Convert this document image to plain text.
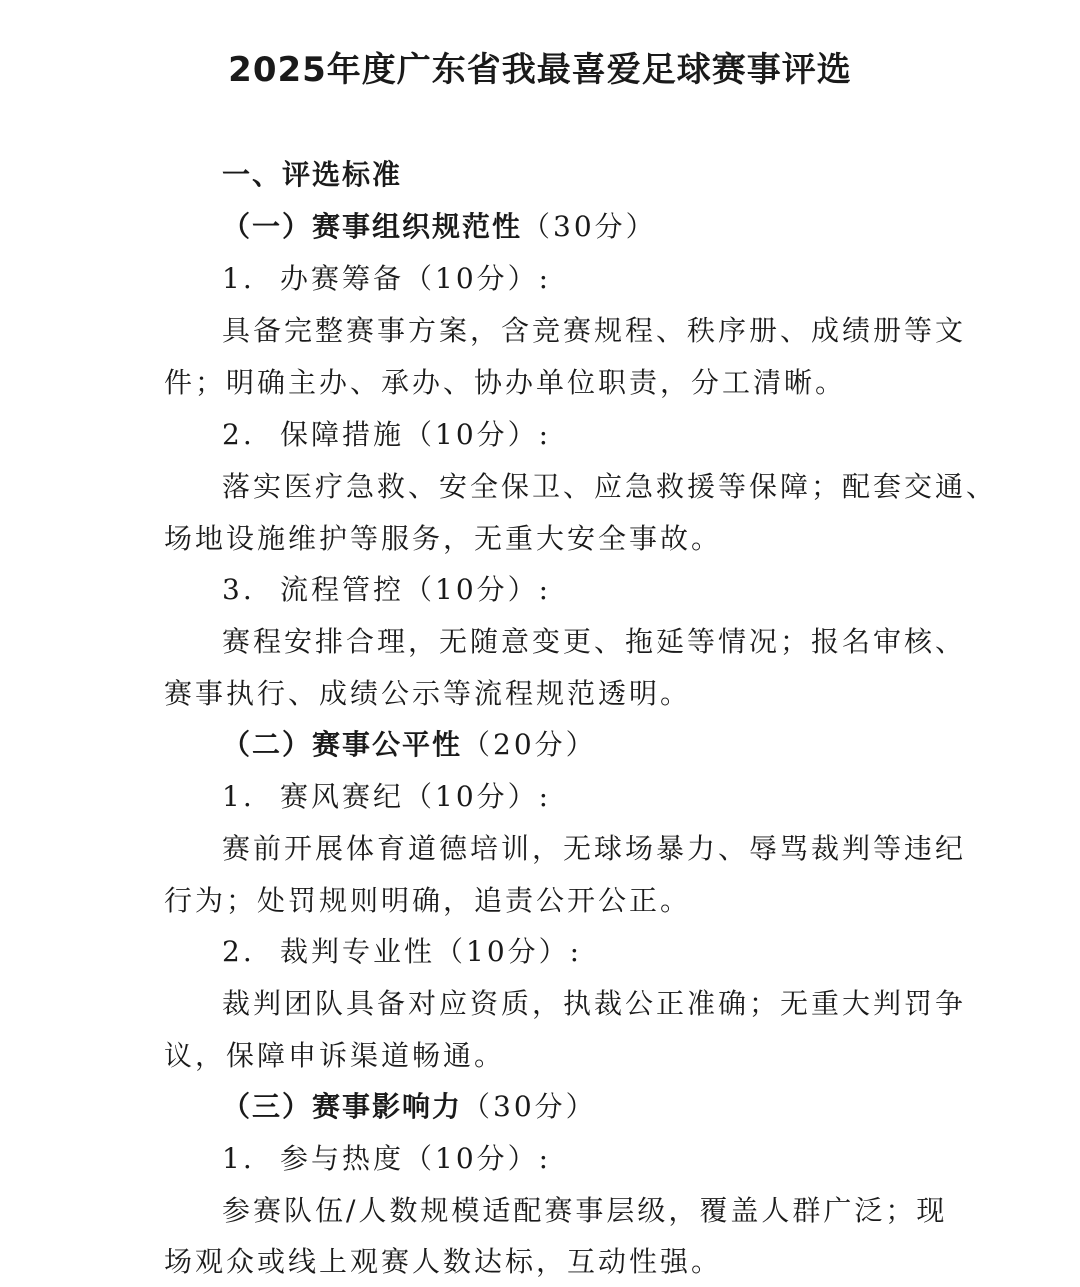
2025年度广东省我最喜爱足球赛事评选
一、评选标准
（一）赛事组织规范性（30分）
1. 办赛筹备（10分）:
具备完整赛事方案，含竞赛规程、秩序册、成绩册等文
件；明确主办、承办、协办单位职责，分工清晰。
2. 保障措施（10分）:
落实医疗急救、安全保卫、应急救援等保障；配套交通、
场地设施维护等服务，无重大安全事故。
3. 流程管控（10分）:
赛程安排合理，无随意变更、拖延等情况；报名审核、
赛事执行、成绩公示等流程规范透明。
（二）赛事公平性（20分）
1. 赛风赛纪（10分）:
赛前开展体育道德培训，无球场暴力、辱骂裁判等违纪
行为；处罚规则明确，追责公开公正。
2. 裁判专业性（10分）:
裁判团队具备对应资质，执裁公正准确；无重大判罚争
议，保障申诉渠道畅通。
（三）赛事影响力（30分）
1. 参与热度（10分）:
参赛队伍/人数规模适配赛事层级，覆盖人群广泛；现
场观众或线上观赛人数达标，互动性强。
